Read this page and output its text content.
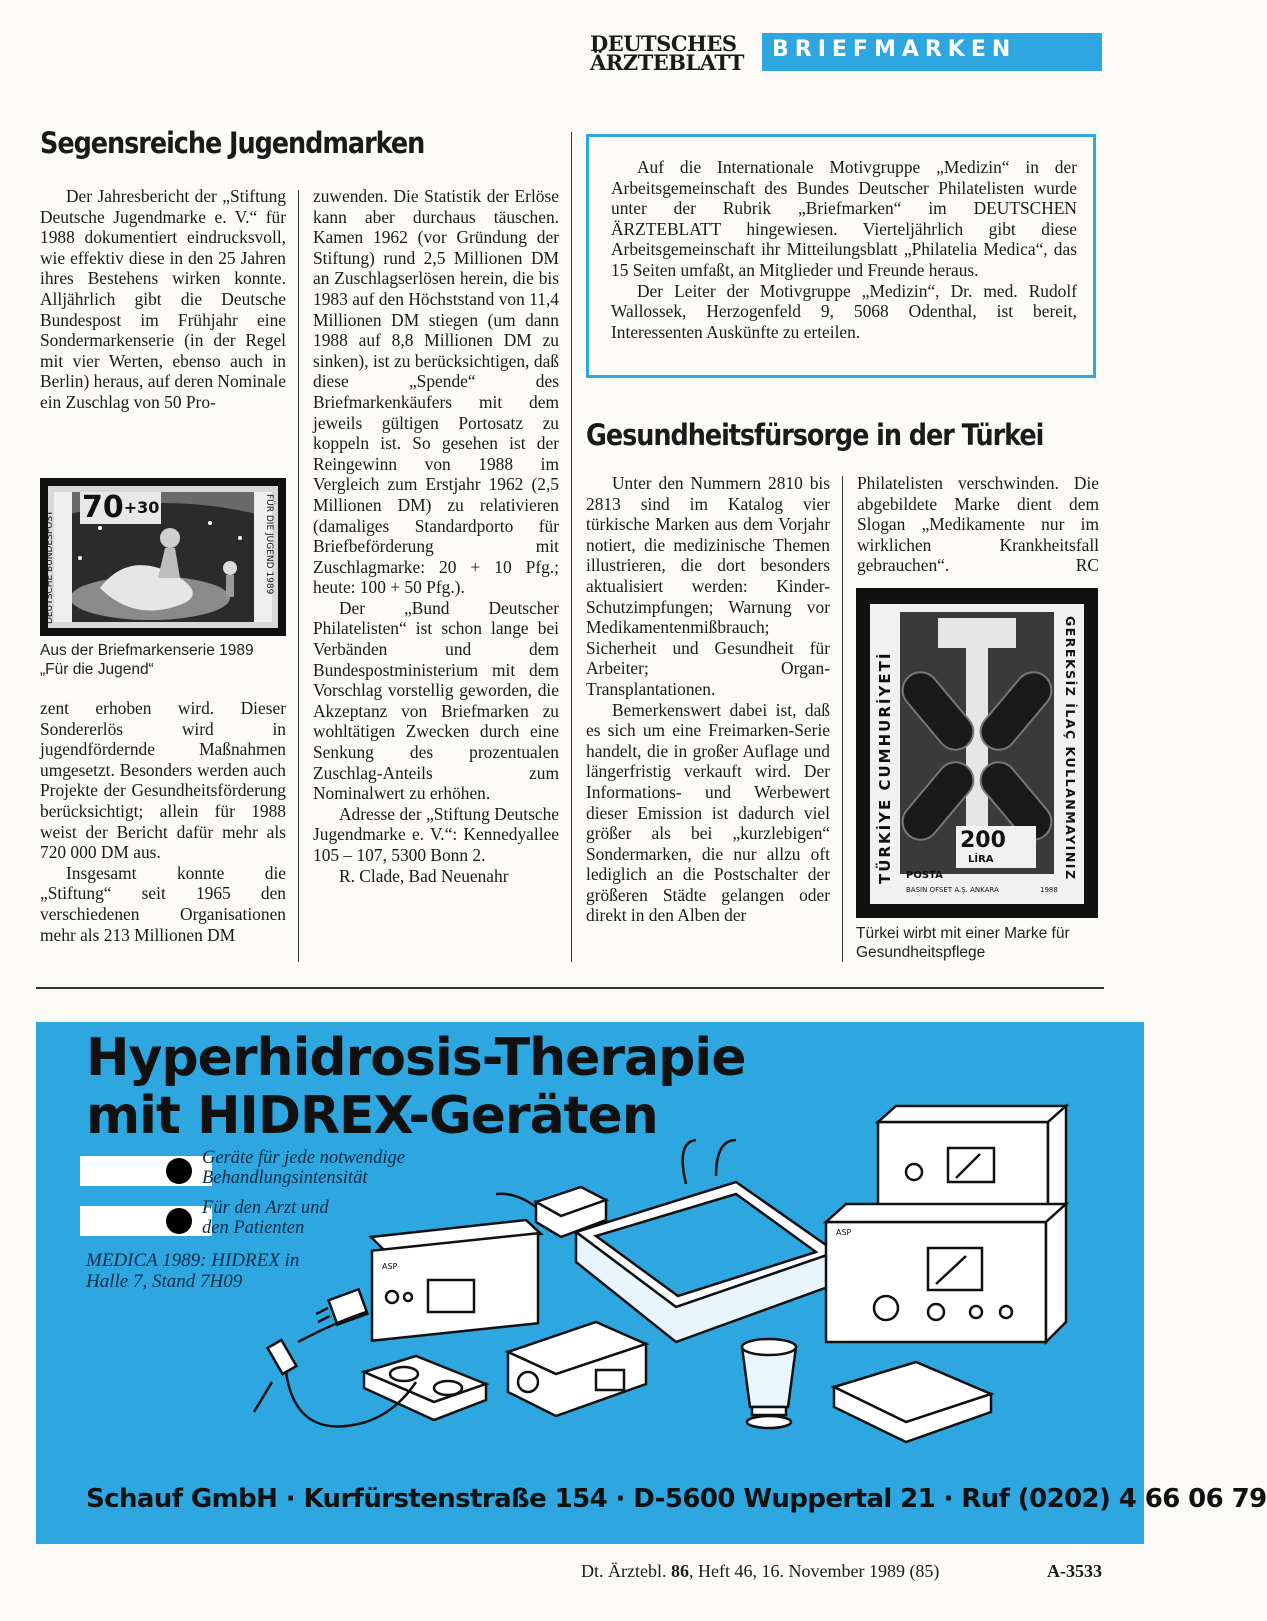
DEUTSCHES
ÄRZTEBLATT
BRIEFMARKEN
Segensreiche Jugendmarken

Der Jahresbericht der „Stiftung Deutsche Jugendmarke e. V.“ für 1988 dokumentiert eindrucksvoll, wie effektiv diese in den 25 Jahren ihres Bestehens wirken konnte. Alljährlich gibt die Deutsche Bundespost im Frühjahr eine Sondermarkenserie (in der Regel mit vier Werten, ebenso auch in Berlin) heraus, auf deren Nominale ein Zuschlag von 50 Pro-

$70^{+30}$
DEUTSCHE BUNDESPOST	FÜR DIE JUGEND 1989
Aus der Briefmarkenserie 1989
„Für die Jugend“

zent erhoben wird. Dieser Sondererlös wird in jugendfördernde Maßnahmen umgesetzt. Besonders werden auch Projekte der Gesundheitsförderung berücksichtigt; allein für 1988 weist der Bericht dafür mehr als 720 000 DM aus.

Insgesamt konnte die „Stiftung“ seit 1965 den verschiedenen Organisationen mehr als 213 Millionen DM

zuwenden. Die Statistik der Erlöse kann aber durchaus täuschen. Kamen 1962 (vor Gründung der Stiftung) rund 2,5 Millionen DM an Zuschlagserlösen herein, die bis 1983 auf den Höchststand von 11,4 Millionen DM stiegen (um dann 1988 auf 8,8 Millionen DM zu sinken), ist zu berücksichtigen, daß diese „Spende“ des Briefmarkenkäufers mit dem jeweils gültigen Portosatz zu koppeln ist. So gesehen ist der Reingewinn von 1988 im Vergleich zum Erstjahr 1962 (2,5 Millionen DM) zu relativieren (damaliges Standardporto für Briefbeförderung mit Zuschlagmarke: 20 + 10 Pfg.; heute: 100 + 50 Pfg.).

Der „Bund Deutscher Philatelisten“ ist schon lange bei Verbänden und dem Bundespostministerium mit dem Vorschlag vorstellig geworden, die Akzeptanz von Briefmarken zu wohltätigen Zwecken durch eine Senkung des prozentualen Zuschlag-Anteils zum Nominalwert zu erhöhen.

Adresse der „Stiftung Deutsche Jugendmarke e. V.“: Kennedyallee 105 – 107, 5300 Bonn 2.

R. Clade, Bad Neuenahr

Auf die Internationale Motivgruppe „Medizin“ in der Arbeitsgemeinschaft des Bundes Deutscher Philatelisten wurde unter der Rubrik „Briefmarken“ im DEUTSCHEN ÄRZTEBLATT hingewiesen. Vierteljährlich gibt diese Arbeitsgemeinschaft ihr Mitteilungsblatt „Philatelia Medica“, das 15 Seiten umfaßt, an Mitglieder und Freunde heraus.

Der Leiter der Motivgruppe „Medizin“, Dr. med. Rudolf Wallossek, Herzogenfeld 9, 5068 Odenthal, ist bereit, Interessenten Auskünfte zu erteilen.

Gesundheitsfürsorge in der Türkei

Unter den Nummern 2810 bis 2813 sind im Katalog vier türkische Marken aus dem Vorjahr notiert, die medizinische Themen illustrieren, die dort besonders aktualisiert werden: Kinder-Schutzimpfungen; Warnung vor Medikamentenmißbrauch; Sicherheit und Gesundheit für Arbeiter; Organ-Transplantationen.

Bemerkenswert dabei ist, daß es sich um eine Freimarken-Serie handelt, die in großer Auflage und längerfristig verkauft wird. Der Informations- und Werbewert dieser Emission ist dadurch viel größer als bei „kurzlebigen“ Sondermarken, die nur allzu oft lediglich an die Postschalter der größeren Städte gelangen oder direkt in den Alben der

Philatelisten verschwinden. Die abgebildete Marke dient dem Slogan „Medikamente nur im wirklichen Krankheitsfall gebrauchen“.	RC

TÜRKİYE CUMHURİYETİ	GEREKSİZ İLAÇ KULLANMAYINIZ
200
LİRA
POSTA
BASIN OFSET A.Ş. ANKARA	1988
Türkei wirbt mit einer Marke für
Gesundheitspflege
Hyperhidrosis-Therapie
mit HIDREX-Geräten
Geräte für jede notwendige
Behandlungsintensität
Für den Arzt und
den Patienten
MEDICA 1989: HIDREX in
Halle 7, Stand 7H09
ASP
ASP
Schauf GmbH · Kurfürstenstraße 154 · D-5600 Wuppertal 21 · Ruf (0202) 4 66 06 79
Dt. Ärztebl. 86, Heft 46, 16. November 1989 (85)	A-3533
